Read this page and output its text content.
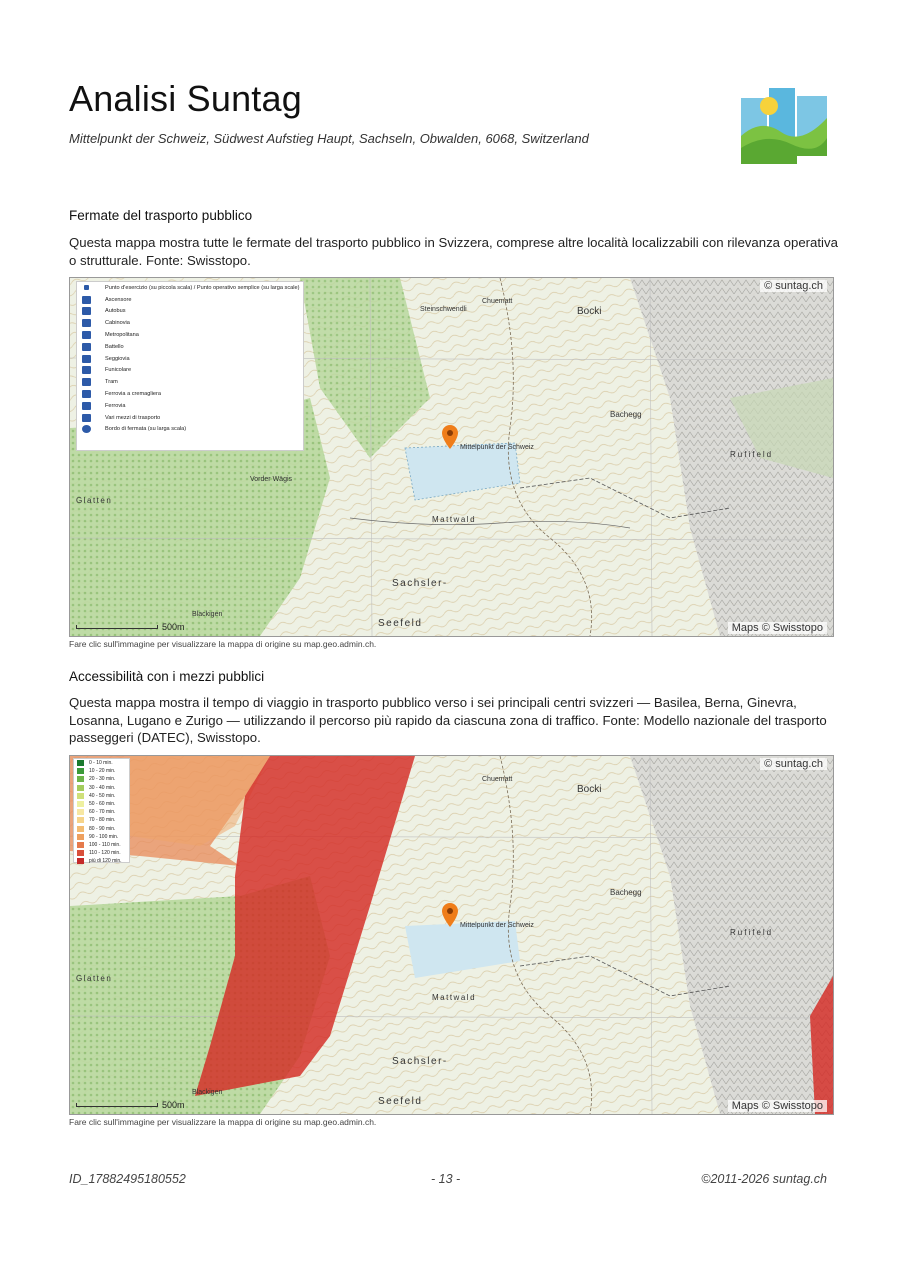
Analisi Suntag
Mittelpunkt der Schweiz, Südwest Aufstieg Haupt, Sachseln, Obwalden, 6068, Switzerland
Fermate del trasporto pubblico
Questa mappa mostra tutte le fermate del trasporto pubblico in Svizzera, comprese altre località localizzabili con rilevanza operativa o strutturale. Fonte: Swisstopo.
Punto d'esercizio (su piccola scala) / Punto operativo semplice (su larga scale)
Ascensore
Autobus
Cabinovia
Metropolitana
Battello
Seggiovia
Funicolare
Tram
Ferrovia a cremagliera
Ferrovia
Vari mezzi di trasporto
Bordo di fermata (su larga scala)
Mittelpunkt der Schweiz
Bocki
Chuematt
Steinschwendli
Bachegg
Rufifeld
Mattwald
Sachsler-
Seefeld
Glatten
Vorder Wägis
Blackigen
© suntag.ch
Maps © Swisstopo
500m
Fare clic sull'immagine per visualizzare la mappa di origine su map.geo.admin.ch.
Accessibilità con i mezzi pubblici
Questa mappa mostra il tempo di viaggio in trasporto pubblico verso i sei principali centri svizzeri — Basilea, Berna, Ginevra, Losanna, Lugano e Zurigo — utilizzando il percorso più rapido da ciascuna zona di traffico. Fonte: Modello nazionale del trasporto passeggeri (DATEC), Swisstopo.
0 - 10 min.
10 - 20 min.
20 - 30 min.
30 - 40 min.
40 - 50 min.
50 - 60 min.
60 - 70 min.
70 - 80 min.
80 - 90 min.
90 - 100 min.
100 - 110 min.
110 - 120 min.
più di 120 min.
Mittelpunkt der Schweiz
Bocki
Chuematt
Bachegg
Rufifeld
Mattwald
Sachsler-
Seefeld
Glatten
Blackigen
© suntag.ch
Maps © Swisstopo
500m
Fare clic sull'immagine per visualizzare la mappa di origine su map.geo.admin.ch.
ID_17882495180552	- 13 -	©2011-2026 suntag.ch
